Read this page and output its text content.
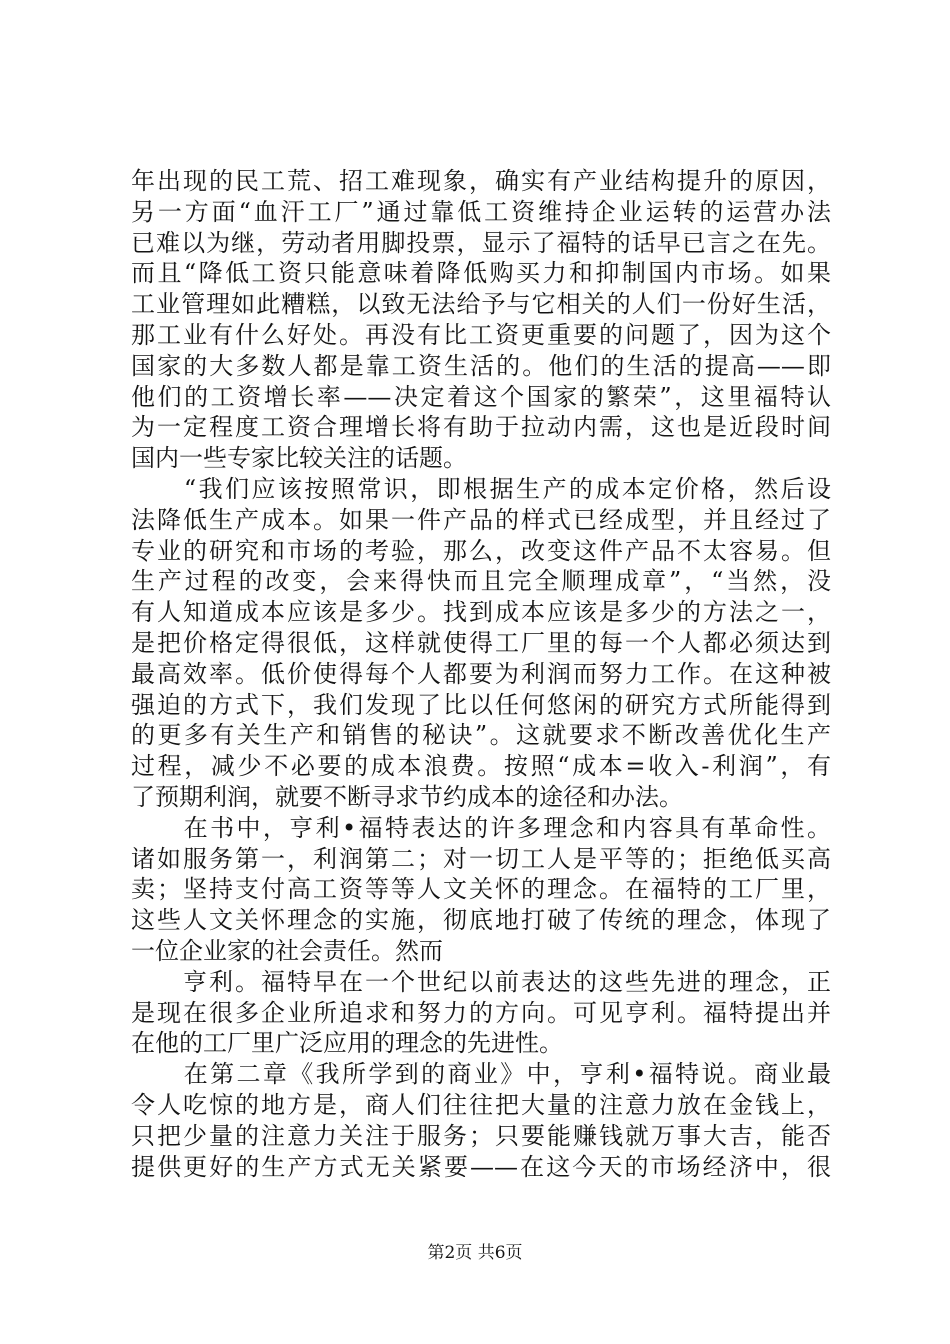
年出现的民工荒、招工难现象，确实有产业结构提升的原因，
另一方面“血汗工厂”通过靠低工资维持企业运转的运营办法
已难以为继，劳动者用脚投票，显示了福特的话早已言之在先。
而且“降低工资只能意味着降低购买力和抑制国内市场。如果
工业管理如此糟糕，以致无法给予与它相关的人们一份好生活，
那工业有什么好处。再没有比工资更重要的问题了，因为这个
国家的大多数人都是靠工资生活的。他们的生活的提高——即
他们的工资增长率——决定着这个国家的繁荣”，这里福特认
为一定程度工资合理增长将有助于拉动内需，这也是近段时间
国内一些专家比较关注的话题。
　　“我们应该按照常识，即根据生产的成本定价格，然后设
法降低生产成本。如果一件产品的样式已经成型，并且经过了
专业的研究和市场的考验，那么，改变这件产品不太容易。但
生产过程的改变，会来得快而且完全顺理成章”，“当然，没
有人知道成本应该是多少。找到成本应该是多少的方法之一，
是把价格定得很低，这样就使得工厂里的每一个人都必须达到
最高效率。低价使得每个人都要为利润而努力工作。在这种被
强迫的方式下，我们发现了比以任何悠闲的研究方式所能得到
的更多有关生产和销售的秘诀”。这就要求不断改善优化生产
过程，减少不必要的成本浪费。按照“成本=收入-利润”，有
了预期利润，就要不断寻求节约成本的途径和办法。
　　在书中，亨利•福特表达的许多理念和内容具有革命性。
诸如服务第一，利润第二；对一切工人是平等的；拒绝低买高
卖；坚持支付高工资等等人文关怀的理念。在福特的工厂里，
这些人文关怀理念的实施，彻底地打破了传统的理念，体现了
一位企业家的社会责任。然而
　　亨利。福特早在一个世纪以前表达的这些先进的理念，正
是现在很多企业所追求和努力的方向。可见亨利。福特提出并
在他的工厂里广泛应用的理念的先进性。
　　在第二章《我所学到的商业》中，亨利•福特说。商业最
令人吃惊的地方是，商人们往往把大量的注意力放在金钱上，
只把少量的注意力关注于服务；只要能赚钱就万事大吉，能否
提供更好的生产方式无关紧要——在这今天的市场经济中，很
第2页 共6页
